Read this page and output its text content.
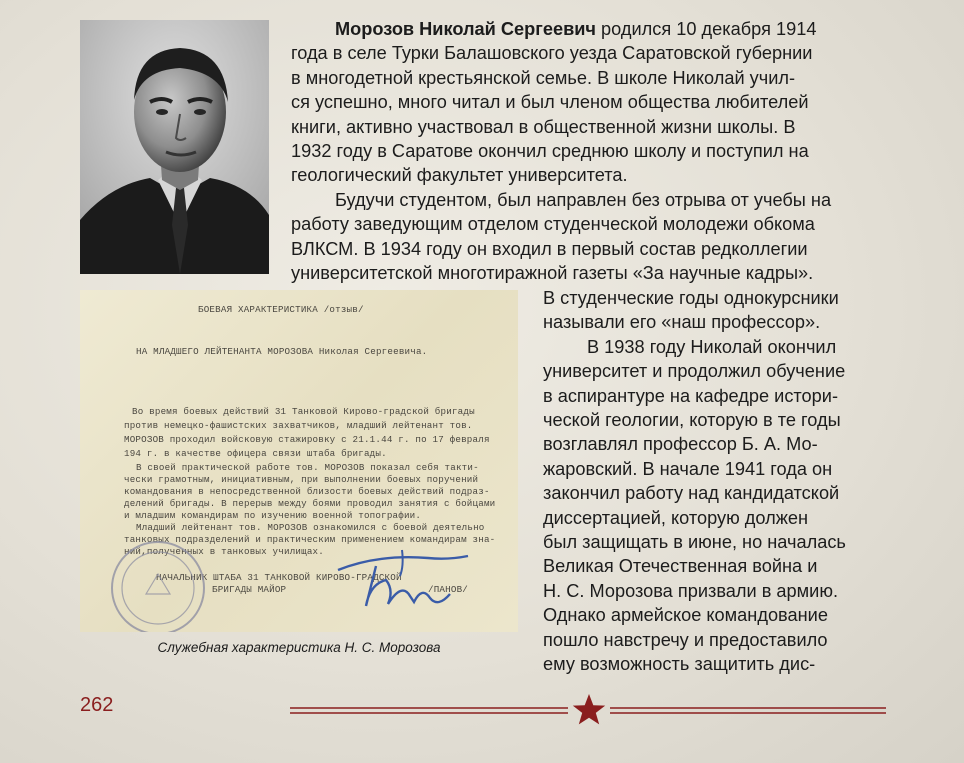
Морозов Николай Сергеевич родился 10 декабря 1914

года в селе Турки Балашовского уезда Саратовской губернии

в многодетной крестьянской семье. В школе Николай учил-

ся успешно, много читал и был членом общества любителей

книги, активно участвовал в общественной жизни школы. В

1932 году в Саратове окончил среднюю школу и поступил на

геологический факультет университета.

Будучи студентом, был направлен без отрыва от учебы на

работу заведующим отделом студенческой молодежи обкома

ВЛКСМ. В 1934 году он входил в первый состав редколлегии

университетской многотиражной газеты «За научные кадры».

В студенческие годы однокурсники

называли его «наш профессор».

В 1938 году Николай окончил

университет и продолжил обучение

в аспирантуре на кафедре истори-

ческой геологии, которую в те годы

возглавлял профессор Б. А. Мо-

жаровский. В начале 1941 года он

закончил работу над кандидатской

диссертацией, которую должен

был защищать в июне, но началась

Великая Отечественная война и

Н. С. Морозова призвали в армию.

Однако армейское командование

пошло навстречу и предоставило

ему возможность защитить дис-

БОЕВАЯ ХАРАКТЕРИСТИКА /отзыв/
НА МЛАДШЕГО ЛЕЙТЕНАНТА МОРОЗОВА Николая Сергеевича.
Во время боевых действий 31 Танковой Кирово-градской бригады
против немецко-фашистских захватчиков, младший лейтенант тов.
МОРОЗОВ проходил войсковую стажировку с 21.1.44 г. по 17 февраля
194 г. в качестве офицера связи штаба бригады.
В своей практической работе тов. МОРОЗОВ показал себя такти-
чески грамотным, инициативным, при выполнении боевых поручений
командования в непосредственной близости боевых действий подраз-
делений бригады. В перерыв между боями проводил занятия с бойцами
и младшим командирам по изучению военной топографии.
Младший лейтенант тов. МОРОЗОВ ознакомился с боевой деятельно
танковых подразделений и практическим применением командирам зна-
ний,полученных в танковых училищах.
НАЧАЛЬНИК ШТАБА 31 ТАНКОВОЙ КИРОВО-ГРАДСКОЙ
БРИГАДЫ МАЙОР	/ПАНОВ/
Служебная характеристика Н. С. Морозова
262
